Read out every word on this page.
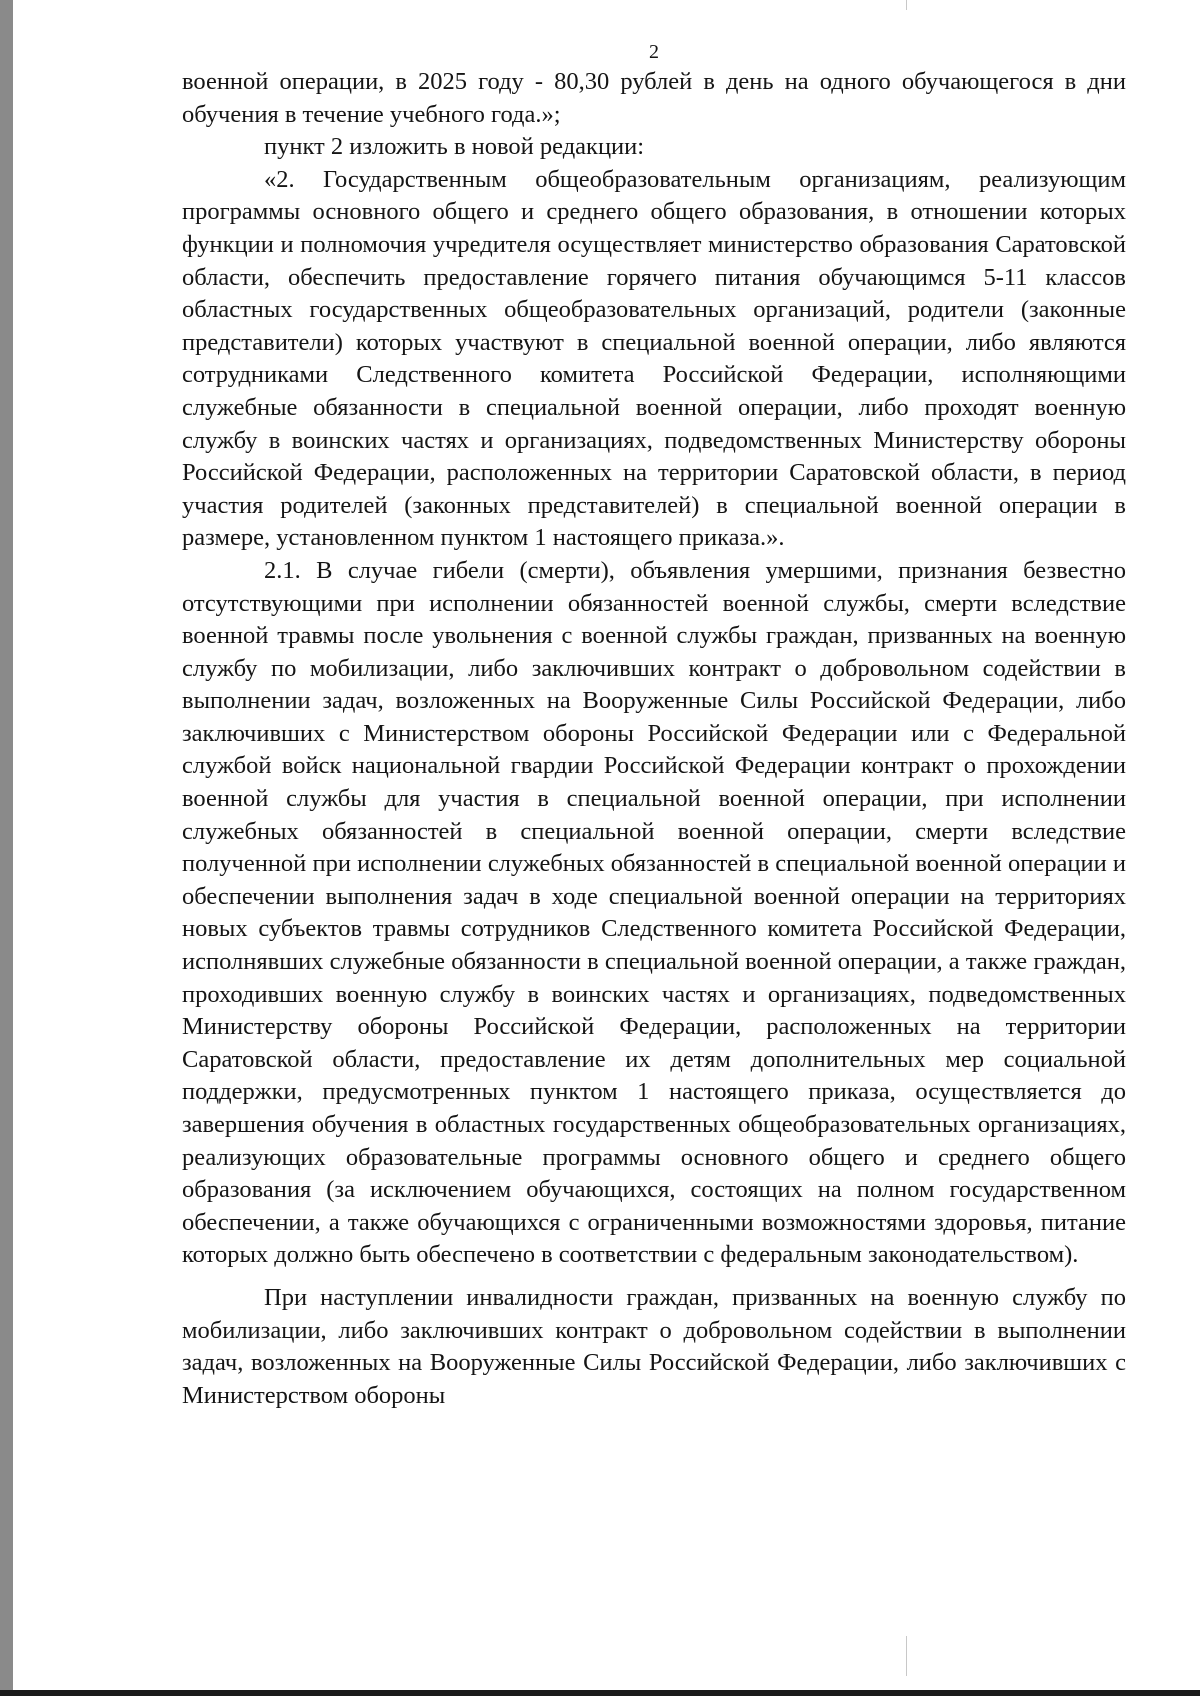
2

военной операции, в 2025 году - 80,30 рублей в день на одного обучающегося в дни обучения в течение учебного года.»;

пункт 2 изложить в новой редакции:

«2. Государственным общеобразовательным организациям, реализующим программы основного общего и среднего общего образования, в отношении которых функции и полномочия учредителя осуществляет министерство образования Саратовской области, обеспечить предоставление горячего питания обучающимся 5-11 классов областных государственных общеобразовательных организаций, родители (законные представители) которых участвуют в специальной военной операции, либо являются сотрудниками Следственного комитета Российской Федерации, исполняющими служебные обязанности в специальной военной операции, либо проходят военную службу в воинских частях и организациях, подведомственных Министерству обороны Российской Федерации, расположенных на территории Саратовской области, в период участия родителей (законных представителей) в специальной военной операции в размере, установленном пунктом 1 настоящего приказа.».

2.1. В случае гибели (смерти), объявления умершими, признания безвестно отсутствующими при исполнении обязанностей военной службы, смерти вследствие военной травмы после увольнения с военной службы граждан, призванных на военную службу по мобилизации, либо заключивших контракт о добровольном содействии в выполнении задач, возложенных на Вооруженные Силы Российской Федерации, либо заключивших с Министерством обороны Российской Федерации или с Федеральной службой войск национальной гвардии Российской Федерации контракт о прохождении военной службы для участия в специальной военной операции, при исполнении служебных обязанностей в специальной военной операции, смерти вследствие полученной при исполнении служебных обязанностей в специальной военной операции и обеспечении выполнения задач в ходе специальной военной операции на территориях новых субъектов травмы сотрудников Следственного комитета Российской Федерации, исполнявших служебные обязанности в специальной военной операции, а также граждан, проходивших военную службу в воинских частях и организациях, подведомственных Министерству обороны Российской Федерации, расположенных на территории Саратовской области, предоставление их детям дополнительных мер социальной поддержки, предусмотренных пунктом 1 настоящего приказа, осуществляется до завершения обучения в областных государственных общеобразовательных организациях, реализующих образовательные программы основного общего и среднего общего образования (за исключением обучающихся, состоящих на полном государственном обеспечении, а также обучающихся с ограниченными возможностями здоровья, питание которых должно быть обеспечено в соответствии с федеральным законодательством).

При наступлении инвалидности граждан, призванных на военную службу по мобилизации, либо заключивших контракт о добровольном содействии в выполнении задач, возложенных на Вооруженные Силы Российской Федерации, либо заключивших с Министерством обороны
